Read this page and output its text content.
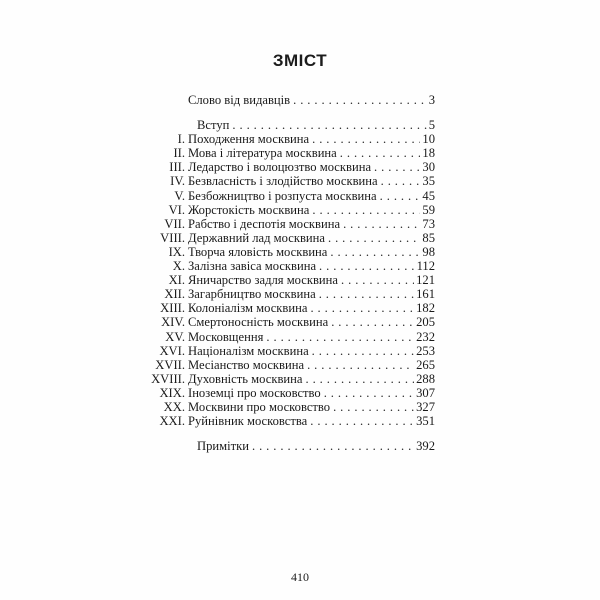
ЗМІСТ
Слово від видавців . . .	3
Вступ . . .	5
I. Походження москвина . . .	10
II. Мова і література москвина . . .	18
III. Ледарство і волоцюзтво москвина . . .	30
IV. Безвласність і злодійство москвина . . .	35
V. Безбожництво і розпуста москвина . . .	45
VI. Жорстокість москвина . . .	59
VII. Рабство і деспотія москвина . . .	73
VIII. Державний лад москвина . . .	85
IX. Творча яловість москвина . . .	98
X. Залізна завіса москвина . . .	112
XI. Яничарство задля москвина . . .	121
XII. Загарбництво москвина . . .	161
XIII. Колоніалізм москвина . . .	182
XIV. Смертоносність москвина . . .	205
XV. Московщення . . .	232
XVI. Націоналізм москвина . . .	253
XVII. Месіанство москвина . . .	265
XVIII. Духовність москвина . . .	288
XIX. Іноземці про московство . . .	307
XX. Москвини про московство . . .	327
XXI. Руйнівник московства . . .	351
Примітки . . .	392
410
